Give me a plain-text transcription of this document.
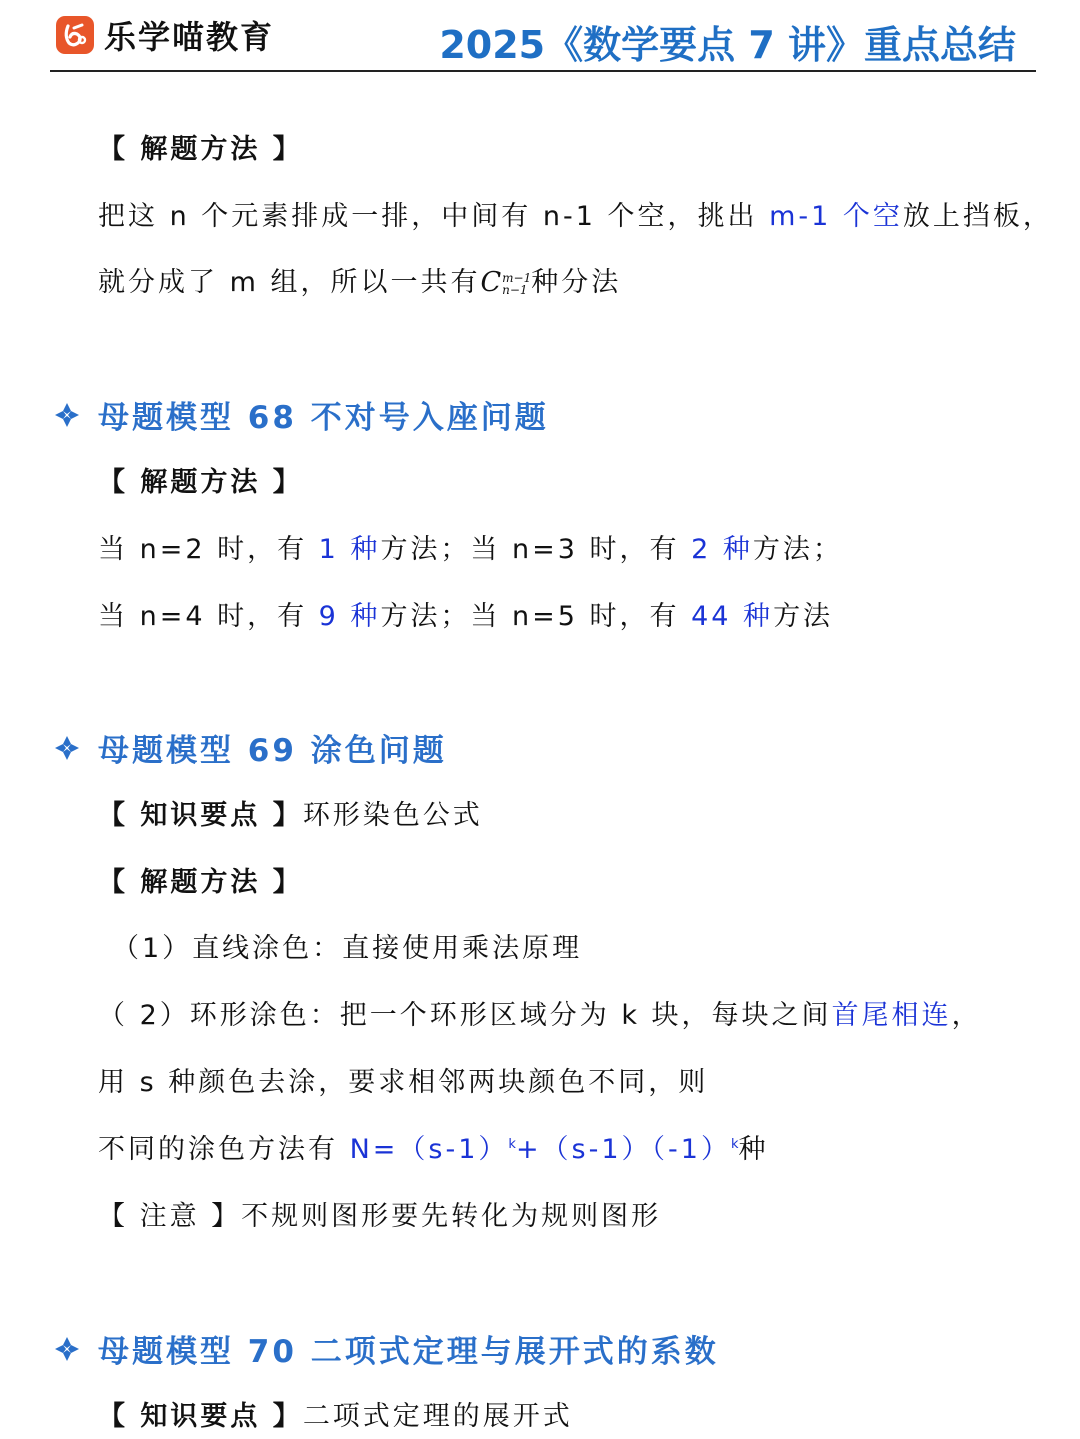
乐学喵教育	2025《数学要点 7 讲》重点总结
【 解题方法 】
把这 n 个元素排成一排，中间有 n-1 个空，挑出 m-1 个空放上挡板，
就分成了 m 组，所以一共有Cm−1
n−1 种分法
母题模型 68 不对号入座问题
【 解题方法 】
当 n=2 时，有 1 种方法；当 n=3 时，有 2 种方法；
当 n=4 时，有 9 种方法；当 n=5 时，有 44 种方法
母题模型 69 涂色问题
【 知识要点 】环形染色公式
【 解题方法 】
（1）直线涂色：直接使用乘法原理
（ 2）环形涂色：把一个环形区域分为 k 块，每块之间首尾相连，
用 s 种颜色去涂，要求相邻两块颜色不同，则
不同的涂色方法有 $N=(s-1)^k+(s-1)(-1)^k$种
【 注意 】不规则图形要先转化为规则图形
母题模型 70 二项式定理与展开式的系数
【 知识要点 】二项式定理的展开式
